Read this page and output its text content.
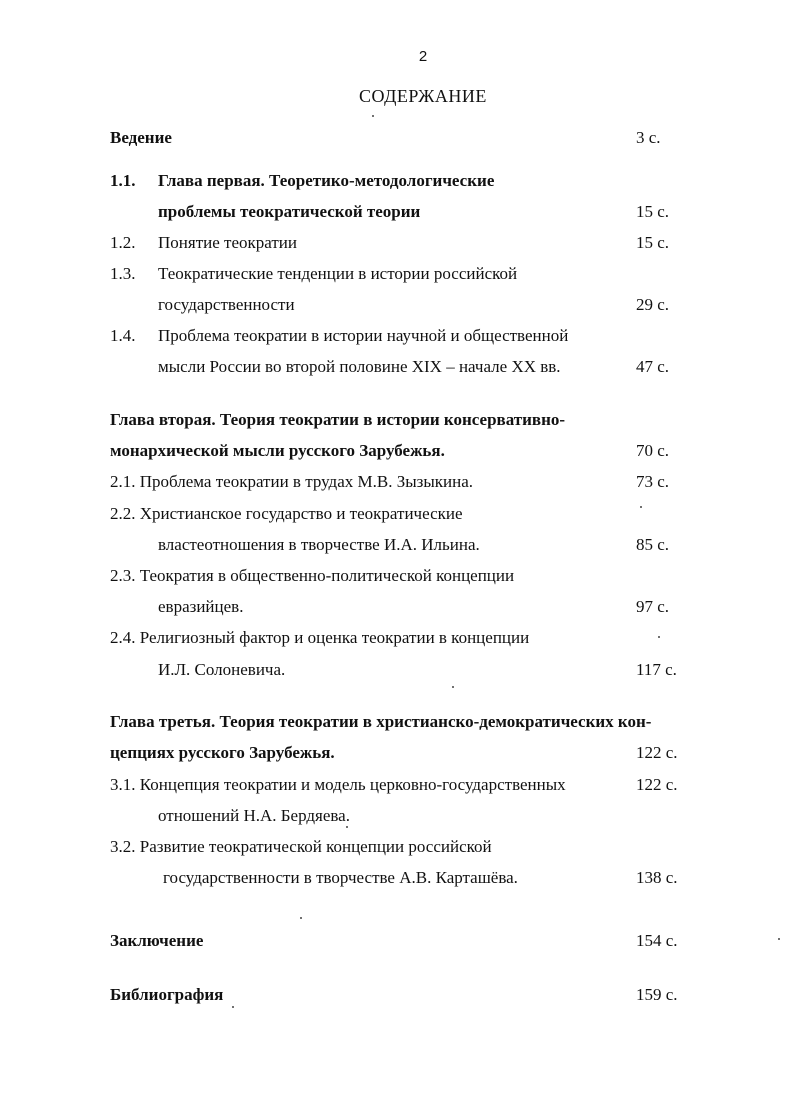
2
СОДЕРЖАНИЕ
Ведение	3 с.
1.1. Глава первая. Теоретико-методологические
проблемы теократической теории	15 с.
1.2. Понятие теократии	15 с.
1.3. Теократические тенденции в истории российской
государственности	29 с.
1.4. Проблема теократии в истории научной и общественной
мысли России во второй половине XIX – начале XX вв.	47 с.
Глава вторая. Теория теократии в истории консервативно-
монархической мысли русского Зарубежья.	70 с.
2.1. Проблема теократии в трудах М.В. Зызыкина.	73 с.
2.2. Христианское государство и теократические
властеотношения в творчестве И.А. Ильина.	85 с.
2.3. Теократия в общественно-политической концепции
евразийцев.	97 с.
2.4. Религиозный фактор и оценка теократии в концепции
И.Л. Солоневича.	117 с.
Глава третья. Теория теократии в христианско-демократических кон-
цепциях русского Зарубежья.	122 с.
3.1. Концепция теократии и модель церковно-государственных	122 с.
отношений Н.А. Бердяева.
3.2. Развитие теократической концепции российской
государственности в творчестве А.В. Карташёва.	138 с.
Заключение	154 с.
Библиография	159 с.
